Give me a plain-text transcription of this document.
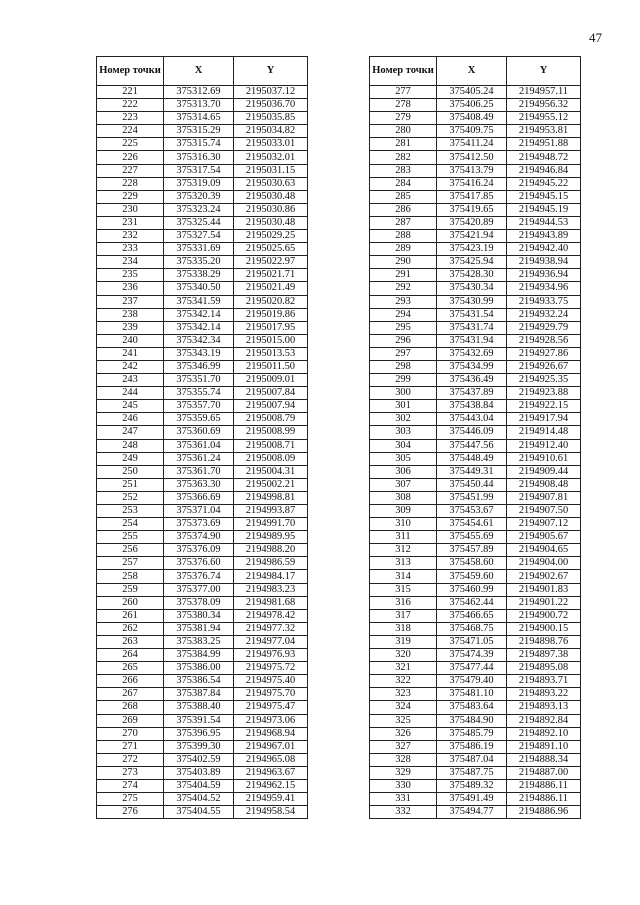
47
Номер точки	X	Y
221	375312.69	2195037.12
222	375313.70	2195036.70
223	375314.65	2195035.85
224	375315.29	2195034.82
225	375315.74	2195033.01
226	375316.30	2195032.01
227	375317.54	2195031.15
228	375319.09	2195030.63
229	375320.39	2195030.48
230	375323.24	2195030.86
231	375325.44	2195030.48
232	375327.54	2195029.25
233	375331.69	2195025.65
234	375335.20	2195022.97
235	375338.29	2195021.71
236	375340.50	2195021.49
237	375341.59	2195020.82
238	375342.14	2195019.86
239	375342.14	2195017.95
240	375342.34	2195015.00
241	375343.19	2195013.53
242	375346.99	2195011.50
243	375351.70	2195009.01
244	375355.74	2195007.84
245	375357.70	2195007.94
246	375359.65	2195008.79
247	375360.69	2195008.99
248	375361.04	2195008.71
249	375361.24	2195008.09
250	375361.70	2195004.31
251	375363.30	2195002.21
252	375366.69	2194998.81
253	375371.04	2194993.87
254	375373.69	2194991.70
255	375374.90	2194989.95
256	375376.09	2194988.20
257	375376.60	2194986.59
258	375376.74	2194984.17
259	375377.00	2194983.23
260	375378.09	2194981.68
261	375380.34	2194978.42
262	375381.94	2194977.32
263	375383.25	2194977.04
264	375384.99	2194976.93
265	375386.00	2194975.72
266	375386.54	2194975.40
267	375387.84	2194975.70
268	375388.40	2194975.47
269	375391.54	2194973.06
270	375396.95	2194968.94
271	375399.30	2194967.01
272	375402.59	2194965.08
273	375403.89	2194963.67
274	375404.59	2194962.15
275	375404.52	2194959.41
276	375404.55	2194958.54
Номер точки	X	Y
277	375405.24	2194957.11
278	375406.25	2194956.32
279	375408.49	2194955.12
280	375409.75	2194953.81
281	375411.24	2194951.88
282	375412.50	2194948.72
283	375413.79	2194946.84
284	375416.24	2194945.22
285	375417.85	2194945.15
286	375419.65	2194945.19
287	375420.89	2194944.53
288	375421.94	2194943.89
289	375423.19	2194942.40
290	375425.94	2194938.94
291	375428.30	2194936.94
292	375430.34	2194934.96
293	375430.99	2194933.75
294	375431.54	2194932.24
295	375431.74	2194929.79
296	375431.94	2194928.56
297	375432.69	2194927.86
298	375434.99	2194926.67
299	375436.49	2194925.35
300	375437.89	2194923.88
301	375438.84	2194922.15
302	375443.04	2194917.94
303	375446.09	2194914.48
304	375447.56	2194912.40
305	375448.49	2194910.61
306	375449.31	2194909.44
307	375450.44	2194908.48
308	375451.99	2194907.81
309	375453.67	2194907.50
310	375454.61	2194907.12
311	375455.69	2194905.67
312	375457.89	2194904.65
313	375458.60	2194904.00
314	375459.60	2194902.67
315	375460.99	2194901.83
316	375462.44	2194901.22
317	375466.65	2194900.72
318	375468.75	2194900.15
319	375471.05	2194898.76
320	375474.39	2194897.38
321	375477.44	2194895.08
322	375479.40	2194893.71
323	375481.10	2194893.22
324	375483.64	2194893.13
325	375484.90	2194892.84
326	375485.79	2194892.10
327	375486.19	2194891.10
328	375487.04	2194888.34
329	375487.75	2194887.00
330	375489.32	2194886.11
331	375491.49	2194886.11
332	375494.77	2194886.96
